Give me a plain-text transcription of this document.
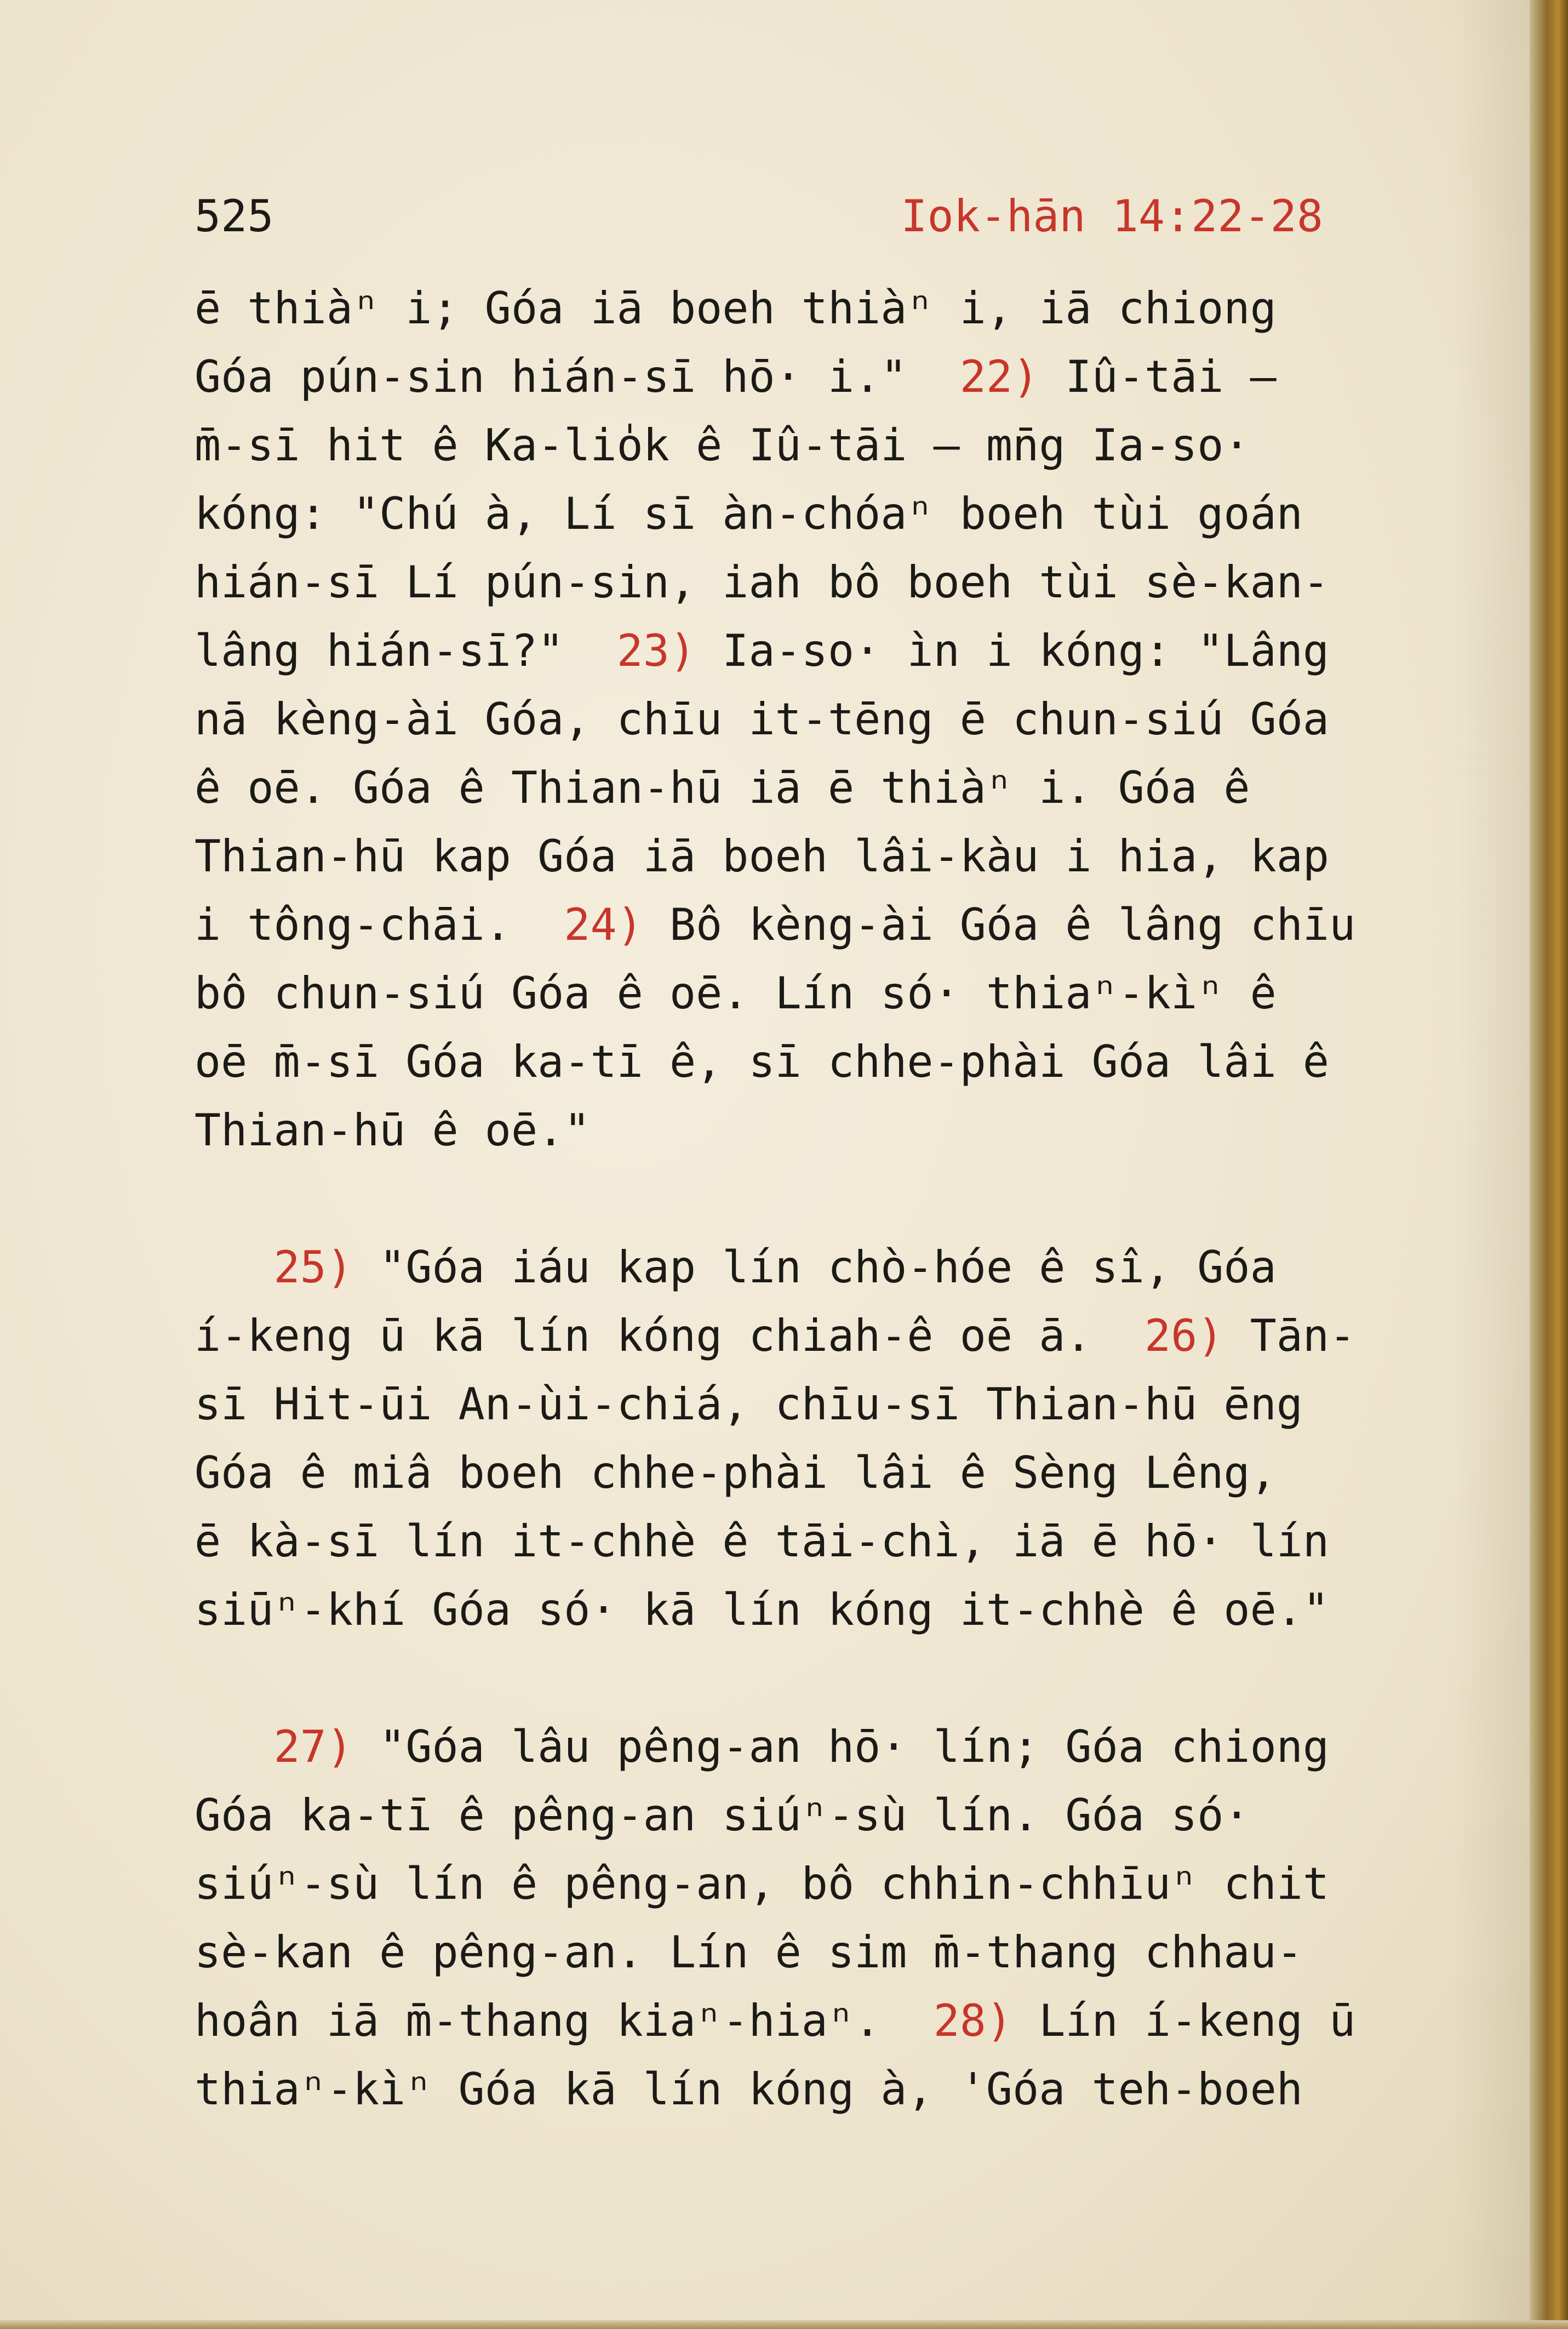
525	Iok-hān 14:22-28
ē thiàⁿ i; Góa iā boeh thiàⁿ i, iā chiong
Góa pún-sin hián-sī hō· i."  22) Iû-tāi —
m̄-sī hit ê Ka-lio̍k ê Iû-tāi — mn̄g Ia-so·
kóng: "Chú à, Lí sī àn-chóaⁿ boeh tùi goán
hián-sī Lí pún-sin, iah bô boeh tùi sè-kan-
lâng hián-sī?"  23) Ia-so· ìn i kóng: "Lâng
nā kèng-ài Góa, chīu it-tēng ē chun-siú Góa
ê oē. Góa ê Thian-hū iā ē thiàⁿ i. Góa ê
Thian-hū kap Góa iā boeh lâi-kàu i hia, kap
i tông-chāi.  24) Bô kèng-ài Góa ê lâng chīu
bô chun-siú Góa ê oē. Lín só· thiaⁿ-kìⁿ ê
oē m̄-sī Góa ka-tī ê, sī chhe-phài Góa lâi ê
Thian-hū ê oē."
25) "Góa iáu kap lín chò-hóe ê sî, Góa
í-keng ū kā lín kóng chiah-ê oē ā.  26) Tān-
sī Hit-ūi An-ùi-chiá, chīu-sī Thian-hū ēng
Góa ê miâ boeh chhe-phài lâi ê Sèng Lêng,
ē kà-sī lín it-chhè ê tāi-chì, iā ē hō· lín
siūⁿ-khí Góa só· kā lín kóng it-chhè ê oē."
27) "Góa lâu pêng-an hō· lín; Góa chiong
Góa ka-tī ê pêng-an siúⁿ-sù lín. Góa só·
siúⁿ-sù lín ê pêng-an, bô chhin-chhīuⁿ chit
sè-kan ê pêng-an. Lín ê sim m̄-thang chhau-
hoân iā m̄-thang kiaⁿ-hiaⁿ.  28) Lín í-keng ū
thiaⁿ-kìⁿ Góa kā lín kóng à, 'Góa teh-boeh
